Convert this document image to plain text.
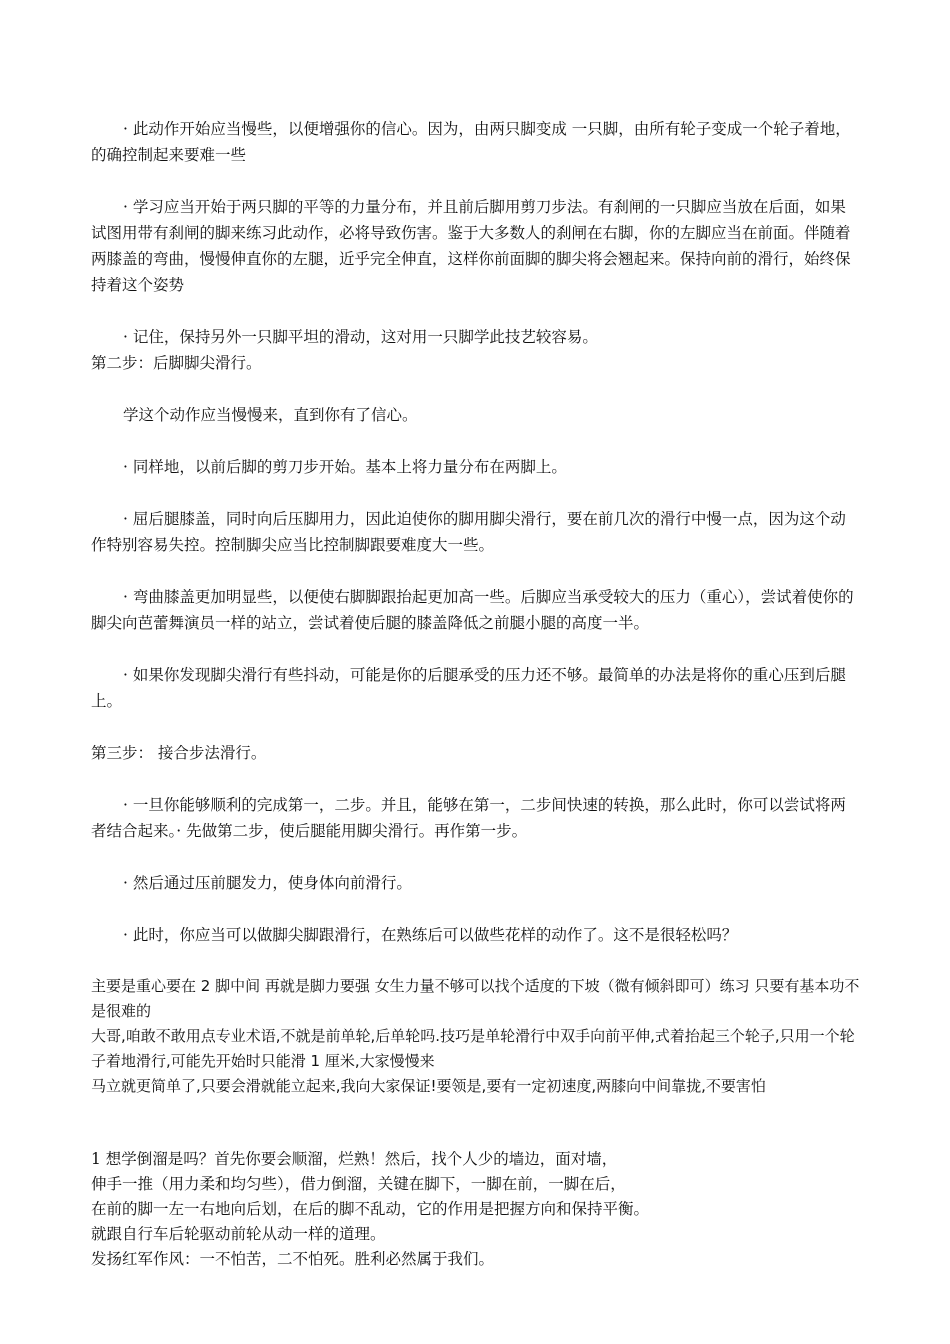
· 此动作开始应当慢些，以便增强你的信心。因为，由两只脚变成 一只脚，由所有轮子变成一个轮子着地，的确控制起来要难一些

· 学习应当开始于两只脚的平等的力量分布，并且前后脚用剪刀步法。有刹闸的一只脚应当放在后面，如果试图用带有刹闸的脚来练习此动作，必将导致伤害。鉴于大多数人的刹闸在右脚，你的左脚应当在前面。伴随着两膝盖的弯曲，慢慢伸直你的左腿，近乎完全伸直，这样你前面脚的脚尖将会翘起来。保持向前的滑行，始终保持着这个姿势

· 记住，保持另外一只脚平坦的滑动，这对用一只脚学此技艺较容易。

第二步：后脚脚尖滑行。

学这个动作应当慢慢来，直到你有了信心。

· 同样地，以前后脚的剪刀步开始。基本上将力量分布在两脚上。

· 屈后腿膝盖，同时向后压脚用力，因此迫使你的脚用脚尖滑行，要在前几次的滑行中慢一点，因为这个动作特别容易失控。控制脚尖应当比控制脚跟要难度大一些。

· 弯曲膝盖更加明显些，以便使右脚脚跟抬起更加高一些。后脚应当承受较大的压力（重心），尝试着使你的脚尖向芭蕾舞演员一样的站立，尝试着使后腿的膝盖降低之前腿小腿的高度一半。

· 如果你发现脚尖滑行有些抖动，可能是你的后腿承受的压力还不够。最简单的办法是将你的重心压到后腿上。

第三步： 接合步法滑行。

· 一旦你能够顺利的完成第一，二步。并且，能够在第一，二步间快速的转换，那么此时，你可以尝试将两者结合起来。· 先做第二步，使后腿能用脚尖滑行。再作第一步。

· 然后通过压前腿发力，使身体向前滑行。

· 此时，你应当可以做脚尖脚跟滑行，在熟练后可以做些花样的动作了。这不是很轻松吗？

主要是重心要在 2 脚中间 再就是脚力要强 女生力量不够可以找个适度的下坡（微有倾斜即可）练习 只要有基本功不是很难的

大哥,咱敢不敢用点专业术语,不就是前单轮,后单轮吗.技巧是单轮滑行中双手向前平伸,式着抬起三个轮子,只用一个轮子着地滑行,可能先开始时只能滑 1 厘米,大家慢慢来

马立就更简单了,只要会滑就能立起来,我向大家保证!要领是,要有一定初速度,两膝向中间靠拢,不要害怕

1 想学倒溜是吗？首先你要会顺溜，烂熟！然后，找个人少的墙边，面对墙，

伸手一推（用力柔和均匀些），借力倒溜，关键在脚下，一脚在前，一脚在后，

在前的脚一左一右地向后划，在后的脚不乱动，它的作用是把握方向和保持平衡。

就跟自行车后轮驱动前轮从动一样的道理。

发扬红军作风：一不怕苦，二不怕死。胜利必然属于我们。
